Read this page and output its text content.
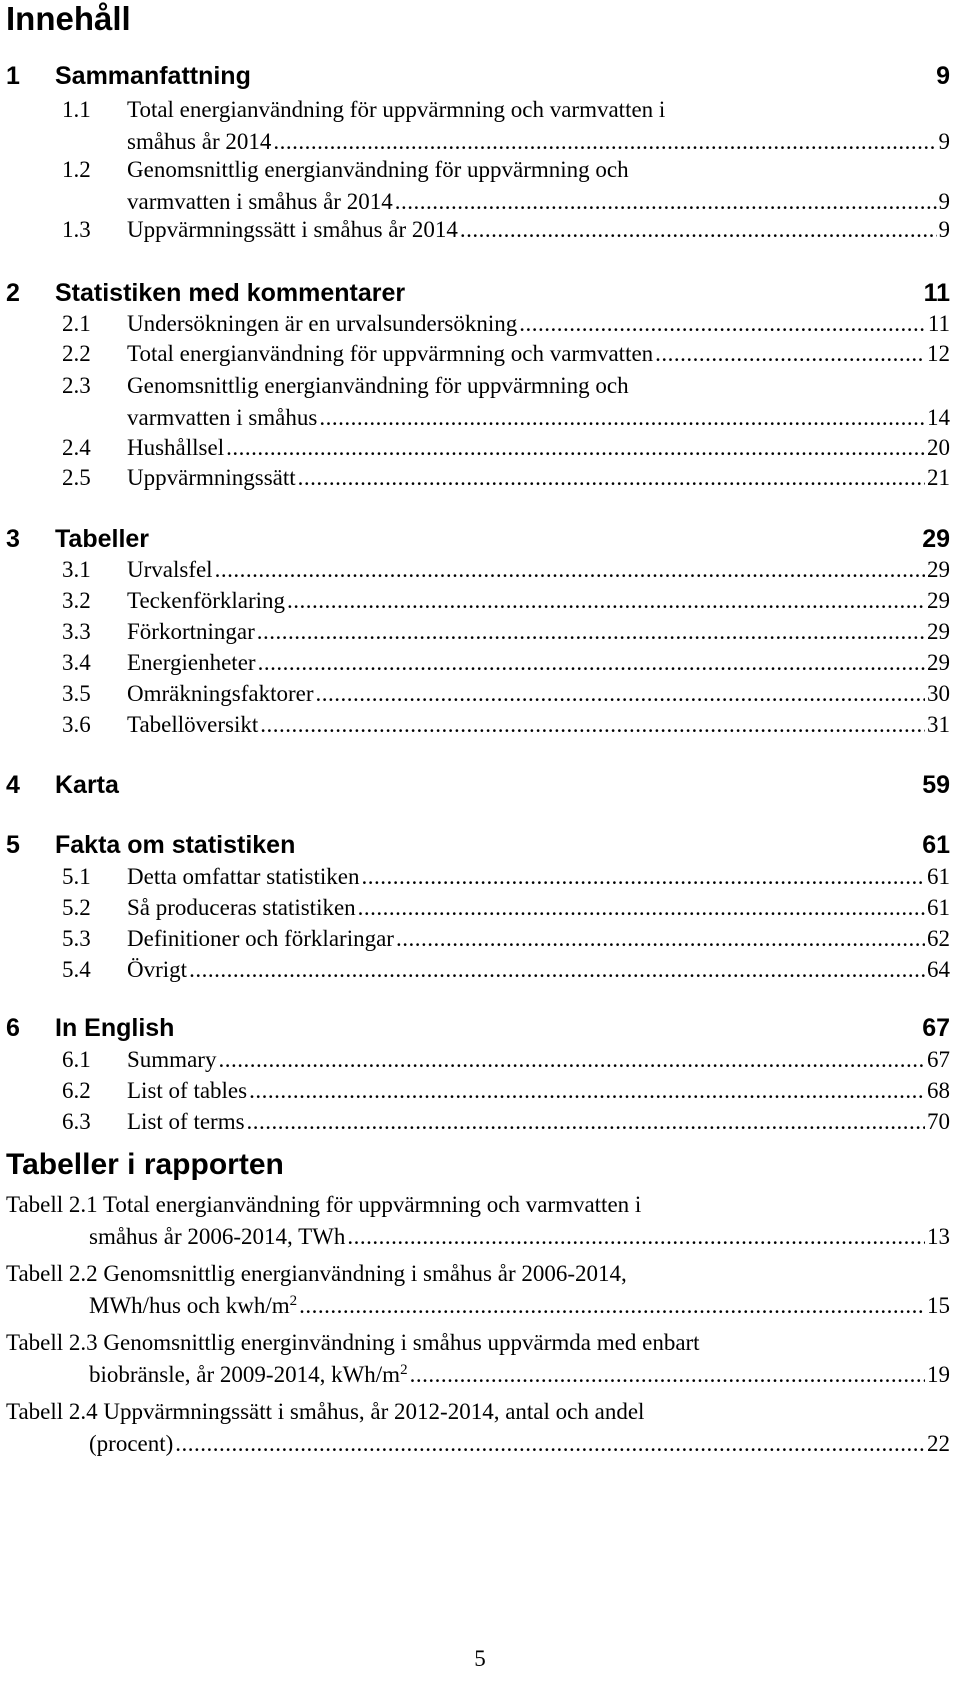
Innehåll
1	Sammanfattning	9
1.1 Total energianvändning för uppvärmning och varmvatten i
småhus år 2014 .....	9
1.2 Genomsnittlig energianvändning för uppvärmning och
varmvatten i småhus år 2014 .....	9
1.3 Uppvärmningssätt i småhus år 2014 .....	9
2	Statistiken med kommentarer	11
2.1 Undersökningen är en urvalsundersökning .....	11
2.2 Total energianvändning för uppvärmning och varmvatten .....	12
2.3 Genomsnittlig energianvändning för uppvärmning och
varmvatten i småhus .....	14
2.4 Hushållsel .....	20
2.5 Uppvärmningssätt .....	21
3	Tabeller	29
3.1 Urvalsfel .....	29
3.2 Teckenförklaring .....	29
3.3 Förkortningar .....	29
3.4 Energienheter .....	29
3.5 Omräkningsfaktorer .....	30
3.6 Tabellöversikt .....	31
4	Karta	59
5	Fakta om statistiken	61
5.1 Detta omfattar statistiken .....	61
5.2 Så produceras statistiken .....	61
5.3 Definitioner och förklaringar .....	62
5.4 Övrigt .....	64
6	In English	67
6.1 Summary .....	67
6.2 List of tables .....	68
6.3 List of terms .....	70
Tabeller i rapporten
Tabell 2.1 Total energianvändning för uppvärmning och varmvatten i
småhus år 2006-2014, TWh .....	13
Tabell 2.2 Genomsnittlig energianvändning i småhus år 2006-2014,
MWh/hus och kwh/$m^2$ .....	15
Tabell 2.3 Genomsnittlig energinvändning i småhus uppvärmda med enbart
biobränsle, år 2009-2014, kWh/$m^2$ .....	19
Tabell 2.4 Uppvärmningssätt i småhus, år 2012-2014, antal och andel
(procent) .....	22
5
